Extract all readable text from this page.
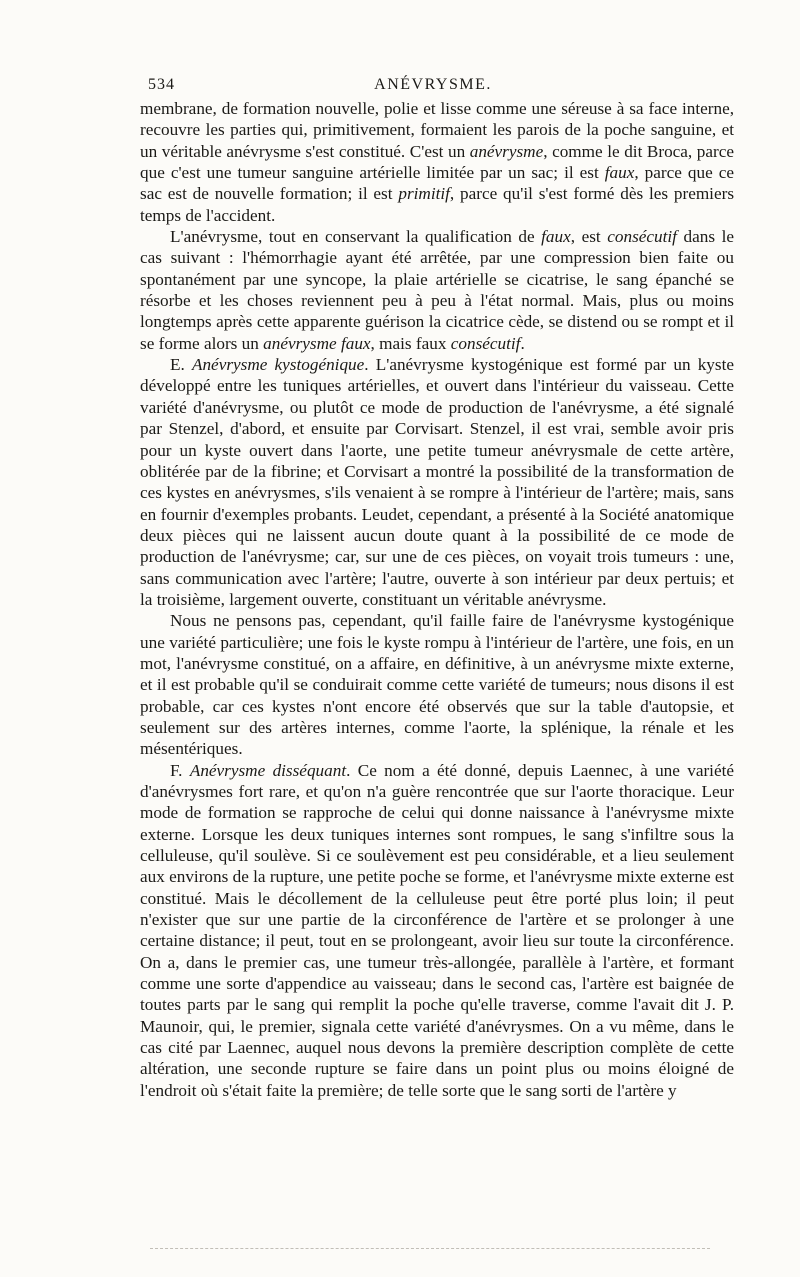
534	ANÉVRYSME.

membrane, de formation nouvelle, polie et lisse comme une séreuse à sa face interne, recouvre les parties qui, primitivement, formaient les parois de la poche sanguine, et un véritable anévrysme s'est constitué. C'est un anévrysme, comme le dit Broca, parce que c'est une tumeur sanguine artérielle limitée par un sac; il est faux, parce que ce sac est de nouvelle formation; il est primitif, parce qu'il s'est formé dès les premiers temps de l'accident.

L'anévrysme, tout en conservant la qualification de faux, est consécutif dans le cas suivant : l'hémorrhagie ayant été arrêtée, par une compression bien faite ou spontanément par une syncope, la plaie artérielle se cicatrise, le sang épanché se résorbe et les choses reviennent peu à peu à l'état normal. Mais, plus ou moins longtemps après cette apparente guérison la cicatrice cède, se distend ou se rompt et il se forme alors un anévrysme faux, mais faux consécutif.

E. Anévrysme kystogénique. L'anévrysme kystogénique est formé par un kyste développé entre les tuniques artérielles, et ouvert dans l'intérieur du vaisseau. Cette variété d'anévrysme, ou plutôt ce mode de production de l'anévrysme, a été signalé par Stenzel, d'abord, et ensuite par Corvisart. Stenzel, il est vrai, semble avoir pris pour un kyste ouvert dans l'aorte, une petite tumeur anévrysmale de cette artère, oblitérée par de la fibrine; et Corvisart a montré la possibilité de la transformation de ces kystes en anévrysmes, s'ils venaient à se rompre à l'intérieur de l'artère; mais, sans en fournir d'exemples probants. Leudet, cependant, a présenté à la Société anatomique deux pièces qui ne laissent aucun doute quant à la possibilité de ce mode de production de l'anévrysme; car, sur une de ces pièces, on voyait trois tumeurs : une, sans communication avec l'artère; l'autre, ouverte à son intérieur par deux pertuis; et la troisième, largement ouverte, constituant un véritable anévrysme.

Nous ne pensons pas, cependant, qu'il faille faire de l'anévrysme kystogénique une variété particulière; une fois le kyste rompu à l'intérieur de l'artère, une fois, en un mot, l'anévrysme constitué, on a affaire, en définitive, à un anévrysme mixte externe, et il est probable qu'il se conduirait comme cette variété de tumeurs; nous disons il est probable, car ces kystes n'ont encore été observés que sur la table d'autopsie, et seulement sur des artères internes, comme l'aorte, la splénique, la rénale et les mésentériques.

F. Anévrysme disséquant. Ce nom a été donné, depuis Laennec, à une variété d'anévrysmes fort rare, et qu'on n'a guère rencontrée que sur l'aorte thoracique. Leur mode de formation se rapproche de celui qui donne naissance à l'anévrysme mixte externe. Lorsque les deux tuniques internes sont rompues, le sang s'infiltre sous la celluleuse, qu'il soulève. Si ce soulèvement est peu considérable, et a lieu seulement aux environs de la rupture, une petite poche se forme, et l'anévrysme mixte externe est constitué. Mais le décollement de la celluleuse peut être porté plus loin; il peut n'exister que sur une partie de la circonférence de l'artère et se prolonger à une certaine distance; il peut, tout en se prolongeant, avoir lieu sur toute la circonférence. On a, dans le premier cas, une tumeur très-allongée, parallèle à l'artère, et formant comme une sorte d'appendice au vaisseau; dans le second cas, l'artère est baignée de toutes parts par le sang qui remplit la poche qu'elle traverse, comme l'avait dit J. P. Maunoir, qui, le premier, signala cette variété d'anévrysmes. On a vu même, dans le cas cité par Laennec, auquel nous devons la première description complète de cette altération, une seconde rupture se faire dans un point plus ou moins éloigné de l'endroit où s'était faite la première; de telle sorte que le sang sorti de l'artère y
